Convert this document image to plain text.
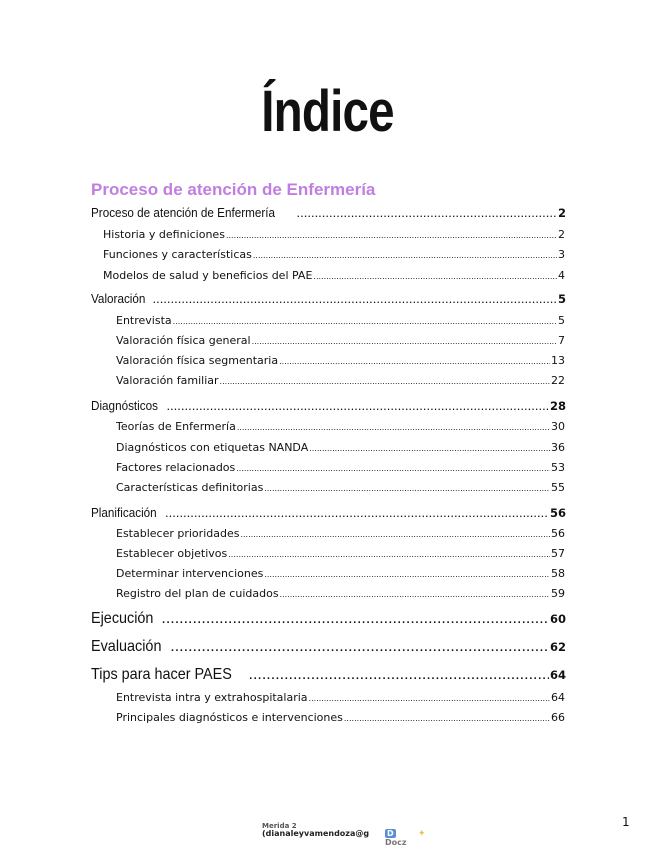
Índice
Proceso de atención de Enfermería
Proceso de atención de Enfermería .....	2
Historia y definiciones .....	2
Funciones y características .....	3
Modelos de salud y beneficios del PAE .....	4
Valoración .....	5
Entrevista .....	5
Valoración física general .....	7
Valoración física segmentaria .....	13
Valoración familiar .....	22
Diagnósticos .....	28
Teorías de Enfermería .....	30
Diagnósticos con etiquetas NANDA .....	36
Factores relacionados .....	53
Características definitorias .....	55
Planificación .....	56
Establecer prioridades .....	56
Establecer objetivos .....	57
Determinar intervenciones .....	58
Registro del plan de cuidados .....	59
Ejecución .....	60
Evaluación .....	62
Tips para hacer PAES .....	64
Entrevista intra y extrahospitalaria .....	64
Principales diagnósticos e intervenciones .....	66
Merida 2
(dianaleyvamendoza@g DDocz
✦
1
